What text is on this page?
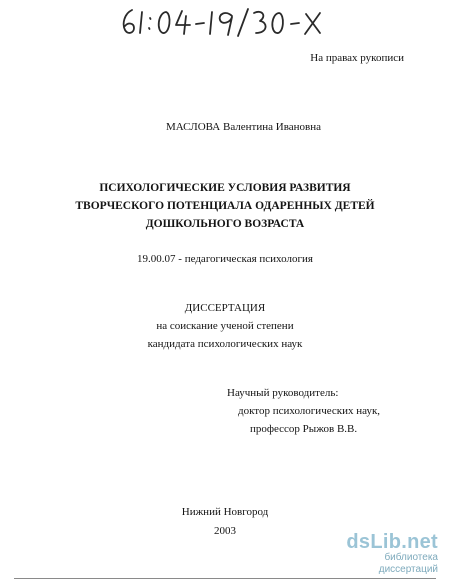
На правах рукописи
МАСЛОВА Валентина Ивановна
ПСИХОЛОГИЧЕСКИЕ УСЛОВИЯ РАЗВИТИЯ
ТВОРЧЕСКОГО ПОТЕНЦИАЛА ОДАРЕННЫХ ДЕТЕЙ
ДОШКОЛЬНОГО ВОЗРАСТА
19.00.07 - педагогическая психология
ДИССЕРТАЦИЯ
на соискание ученой степени
кандидата психологических наук
Научный руководитель:
доктор психологических наук,
профессор Рыжов В.В.
Нижний Новгород
2003	dsLib.net
библиотека диссертаций
